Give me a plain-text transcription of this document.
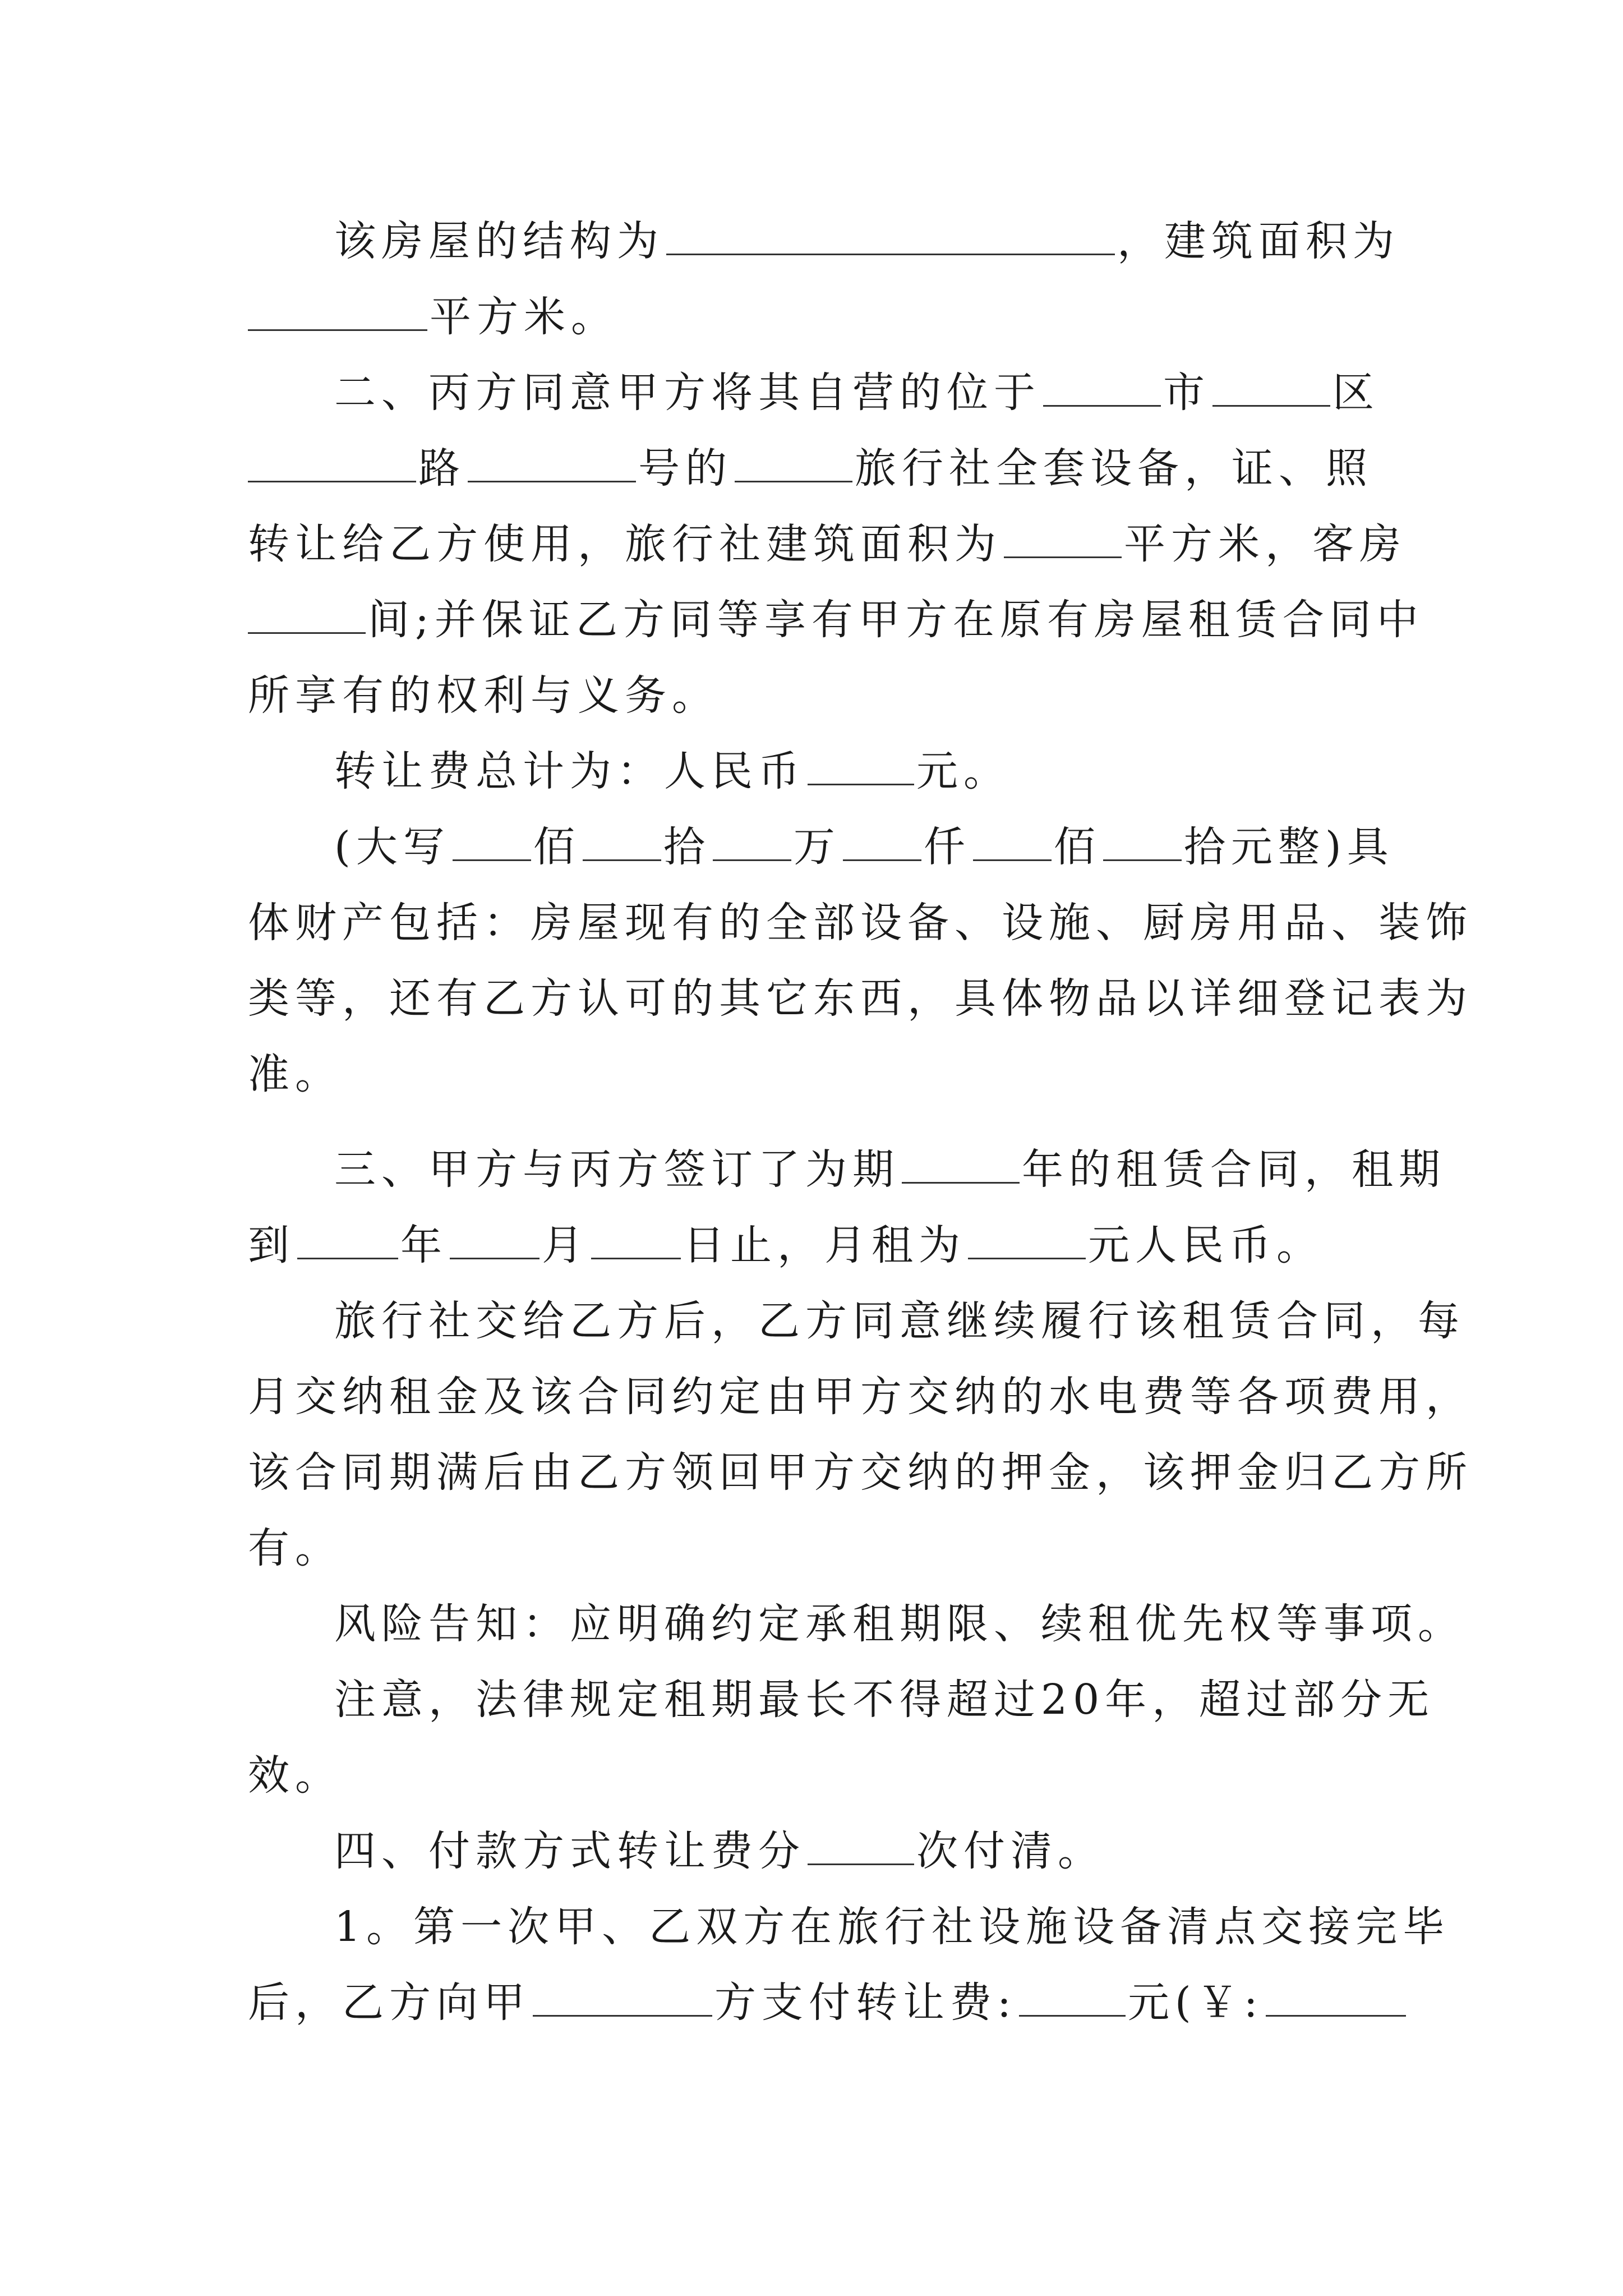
该房屋的结构为	，建筑面积为
平方米。
二、丙方同意甲方将其自营的位于	市	区
路	号的	旅行社全套设备，证、照
转让给乙方使用，旅行社建筑面积为	平方米，客房
间;并保证乙方同等享有甲方在原有房屋租赁合同中
所享有的权利与义务。
转让费总计为：人民币	元。
(大写 佰 拾 万 仟 佰 拾元整)具
体财产包括：房屋现有的全部设备、设施、厨房用品、装饰
类等，还有乙方认可的其它东西，具体物品以详细登记表为
准。
三、甲方与丙方签订了为期	年的租赁合同，租期
到	年 月 日止，月租为	元人民币。
旅行社交给乙方后，乙方同意继续履行该租赁合同，每
月交纳租金及该合同约定由甲方交纳的水电费等各项费用，
该合同期满后由乙方领回甲方交纳的押金，该押金归乙方所
有。
风险告知：应明确约定承租期限、续租优先权等事项。
注意，法律规定租期最长不得超过20年，超过部分无
效。
四、付款方式转让费分	次付清。
1。第一次甲、乙双方在旅行社设施设备清点交接完毕
后，乙方向甲	方支付转让费:	元(￥:
